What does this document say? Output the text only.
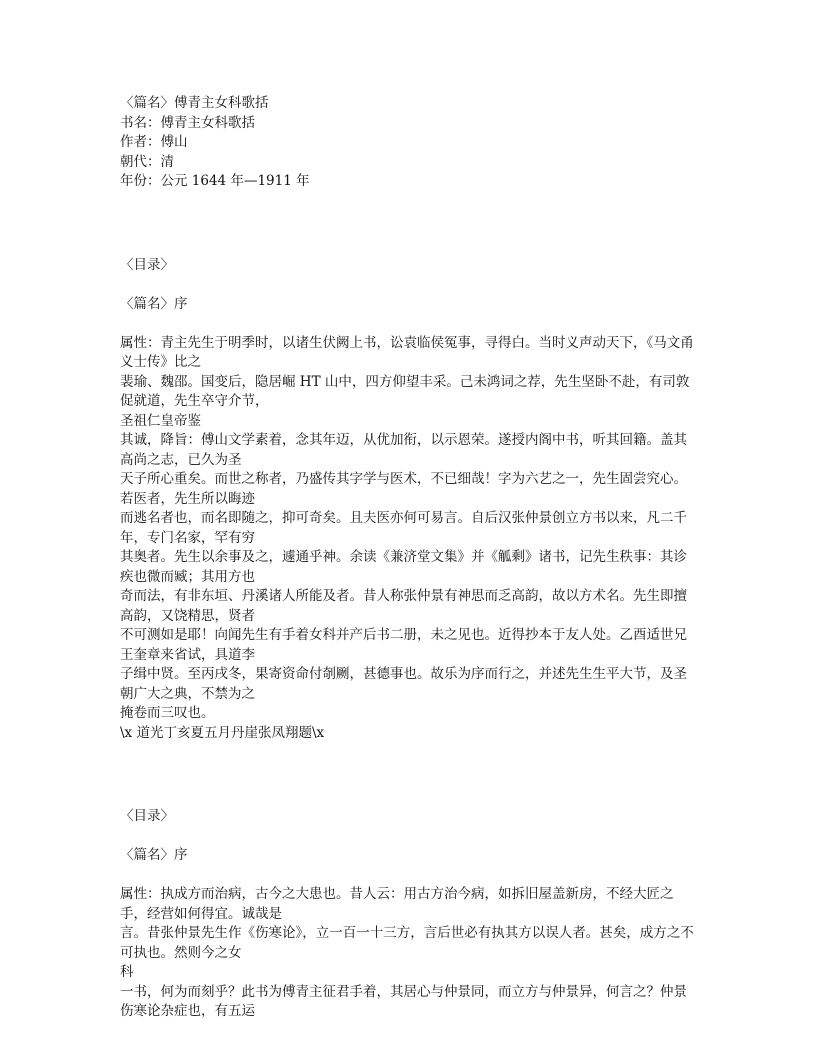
〈篇名〉傅青主女科歌括
书名：傅青主女科歌括
作者：傅山
朝代：清
年份：公元 1644 年—1911 年
〈目录〉
〈篇名〉序
属性：青主先生于明季时，以诸生伏阙上书，讼袁临侯冤事，寻得白。当时义声动天下，《马文甬义士传》比之
裴瑜、魏邵。国变后，隐居崛 HT 山中，四方仰望丰采。己未鸿词之荐，先生坚卧不赴，有司敦促就道，先生卒守介节，
圣祖仁皇帝鉴
其诚，降旨：傅山文学素着，念其年迈，从优加衔，以示恩荣。遂授内阁中书，听其回籍。盖其高尚之志，已久为圣
天子所心重矣。而世之称者，乃盛传其字学与医术，不已细哉！字为六艺之一，先生固尝究心。若医者，先生所以晦迹
而逃名者也，而名即随之，抑可奇矣。且夫医亦何可易言。自后汉张仲景创立方书以来，凡二千年，专门名家，罕有穷
其奥者。先生以余事及之，遽通乎神。余读《兼济堂文集》并《觚剩》诸书，记先生秩事：其诊疾也微而臧；其用方也
奇而法，有非东垣、丹溪诸人所能及者。昔人称张仲景有神思而乏高韵，故以方术名。先生即擅高韵，又饶精思，贤者
不可测如是耶！向闻先生有手着女科并产后书二册，未之见也。近得抄本于友人处。乙酉适世兄王奎章来省试，具道李
子缉中贤。至丙戌冬，果寄资命付剞劂，甚德事也。故乐为序而行之，并述先生生平大节，及圣朝广大之典，不禁为之
掩卷而三叹也。
\x 道光丁亥夏五月丹崖张凤翔题\x
〈目录〉
〈篇名〉序
属性：执成方而治病，古今之大患也。昔人云：用古方治今病，如拆旧屋盖新房，不经大匠之手，经营如何得宜。诚哉是
言。昔张仲景先生作《伤寒论》，立一百一十三方，言后世必有执其方以误人者。甚矣，成方之不可执也。然则今之女
科
一书，何为而刻乎？此书为傅青主征君手着，其居心与仲景同，而立方与仲景异，何言之？仲景伤寒论杂症也，有五运
